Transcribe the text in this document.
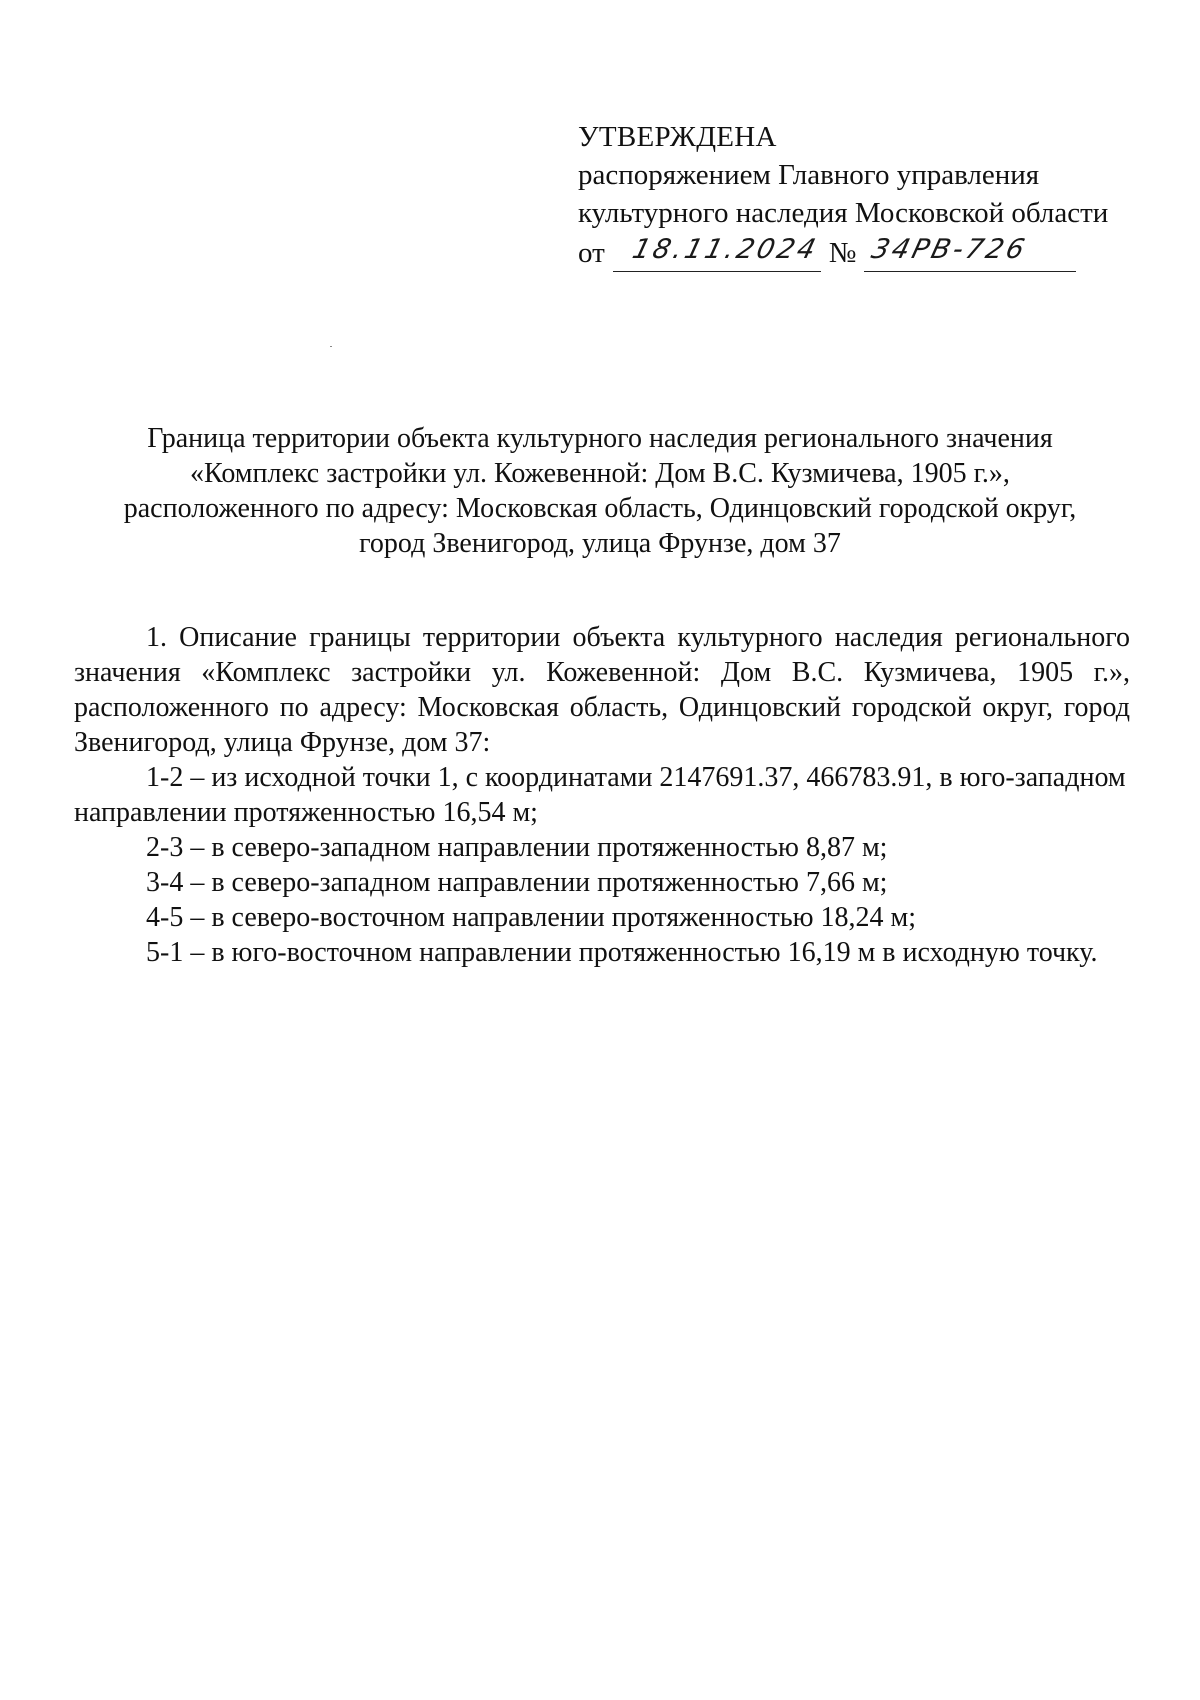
УТВЕРЖДЕНА
распоряжением Главного управления
культурного наследия Московской области
от 18.11.2024 № 34РВ-726
Граница территории объекта культурного наследия регионального значения
«Комплекс застройки ул. Кожевенной: Дом В.С. Кузмичева, 1905 г.»,
расположенного по адресу: Московская область, Одинцовский городской округ,
город Звенигород, улица Фрунзе, дом 37

1. Описание границы территории объекта культурного наследия регионального

значения «Комплекс застройки ул. Кожевенной: Дом В.С. Кузмичева, 1905 г.»,
расположенного по адресу: Московская область, Одинцовский городской округ, город
Звенигород, улица Фрунзе, дом 37:

1-2 – из исходной точки 1, с координатами 2147691.37, 466783.91, в юго-западном

направлении протяженностью 16,54 м;

2-3 – в северо-западном направлении протяженностью 8,87 м;

3-4 – в северо-западном направлении протяженностью 7,66 м;

4-5 – в северо-восточном направлении протяженностью 18,24 м;

5-1 – в юго-восточном направлении протяженностью 16,19 м в исходную точку.
